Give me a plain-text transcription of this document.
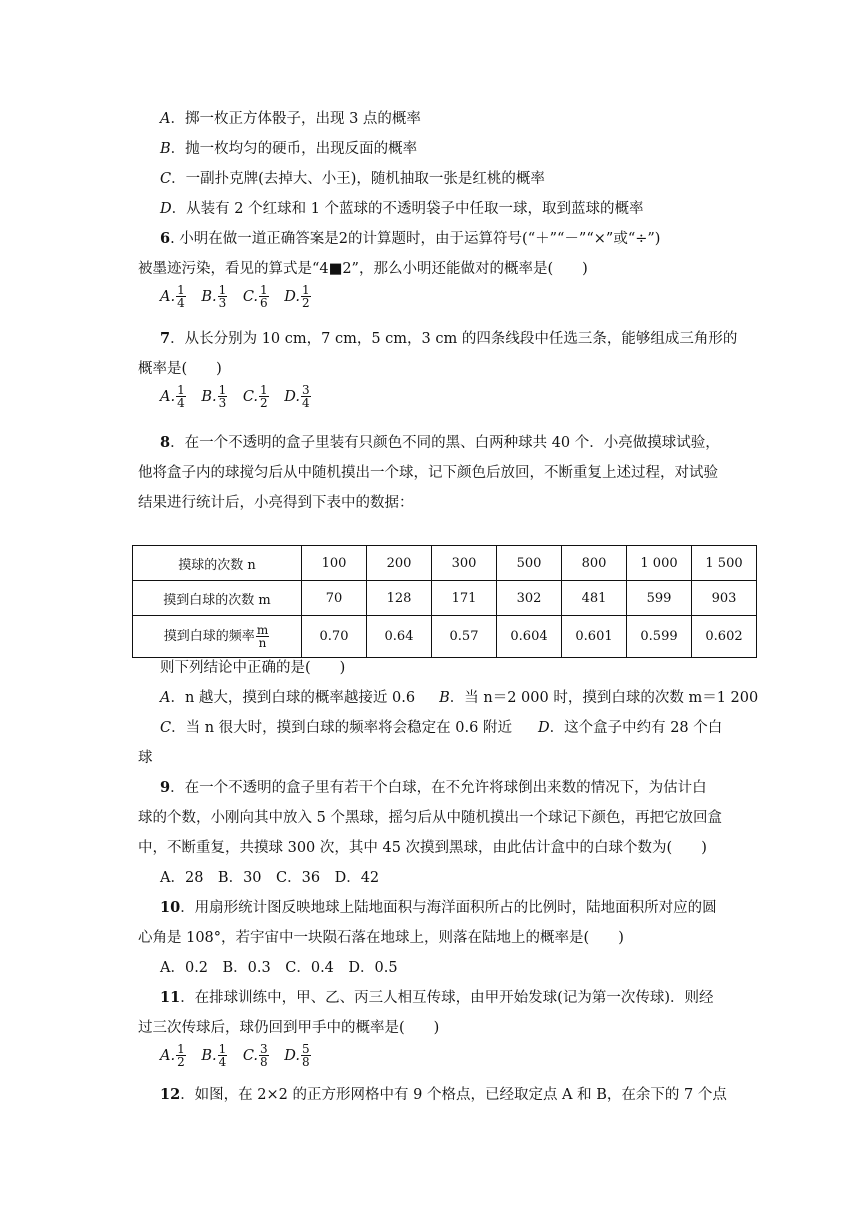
A．掷一枚正方体骰子，出现 3 点的概率
B．抛一枚均匀的硬币，出现反面的概率
C．一副扑克牌(去掉大、小王)，随机抽取一张是红桃的概率
D．从装有 2 个红球和 1 个蓝球的不透明袋子中任取一球，取到蓝球的概率
6. 小明在做一道正确答案是2的计算题时，由于运算符号(“＋”“－”“×”或“÷”)
被墨迹污染，看见的算式是“4■2”，那么小明还能做对的概率是(　　)
A. $\frac{1}{4} B$. $\frac{1}{3} C$. $\frac{1}{6} D$. $\frac{1}{2}$
7．从长分别为 10 cm，7 cm，5 cm，3 cm 的四条线段中任选三条，能够组成三角形的
概率是(　　)
A. $\frac{1}{4} B$. $\frac{1}{3} C$. $\frac{1}{2} D$. $\frac{3}{4}$
8．在一个不透明的盒子里装有只颜色不同的黑、白两种球共 40 个．小亮做摸球试验，
他将盒子内的球搅匀后从中随机摸出一个球，记下颜色后放回，不断重复上述过程，对试验
结果进行统计后，小亮得到下表中的数据：
摸球的次数 n	100	200	300	500	800	1 000	1 500
摸到白球的次数 m	70	128	171	302	481	599	903
摸到白球的频率 $\frac{m}{n}$	0.70	0.64	0.57	0.604	0.601	0.599	0.602
则下列结论中正确的是(　　)
A．n 越大，摸到白球的概率越接近 0.6 B．当 n＝2 000 时，摸到白球的次数 m＝1 200
C．当 n 很大时，摸到白球的频率将会稳定在 0.6 附近 D．这个盒子中约有 28 个白
球
9．在一个不透明的盒子里有若干个白球，在不允许将球倒出来数的情况下，为估计白
球的个数，小刚向其中放入 5 个黑球，摇匀后从中随机摸出一个球记下颜色，再把它放回盒
中，不断重复，共摸球 300 次，其中 45 次摸到黑球，由此估计盒中的白球个数为(　　)
A．28　B．30　C．36　D．42
10．用扇形统计图反映地球上陆地面积与海洋面积所占的比例时，陆地面积所对应的圆
心角是 108°，若宇宙中一块陨石落在地球上，则落在陆地上的概率是(　　)
A．0.2　B．0.3　C．0.4　D．0.5
11．在排球训练中，甲、乙、丙三人相互传球，由甲开始发球(记为第一次传球)．则经
过三次传球后，球仍回到甲手中的概率是(　　)
A. $\frac{1}{2} B$. $\frac{1}{4} C$. $\frac{3}{8} D$. $\frac{5}{8}$
12．如图，在 2×2 的正方形网格中有 9 个格点，已经取定点 A 和 B，在余下的 7 个点
